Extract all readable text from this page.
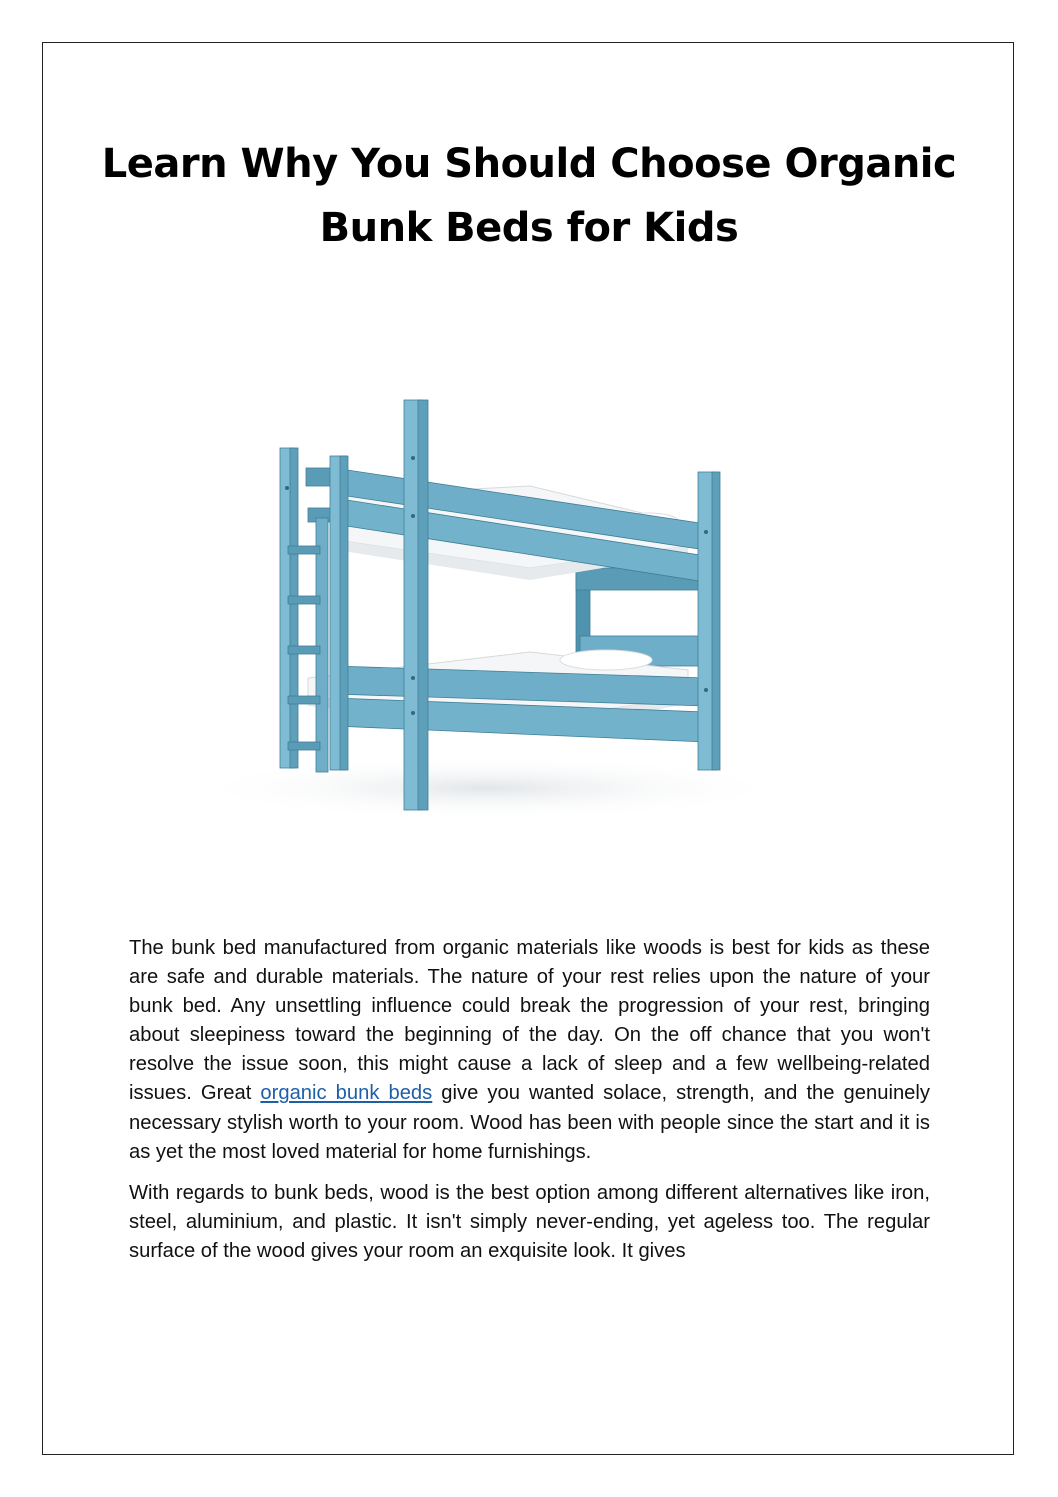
Learn Why You Should Choose Organic Bunk Beds for Kids

The bunk bed manufactured from organic materials like woods is best for kids as these are safe and durable materials. The nature of your rest relies upon the nature of your bunk bed. Any unsettling influence could break the progression of your rest, bringing about sleepiness toward the beginning of the day. On the off chance that you won't resolve the issue soon, this might cause a lack of sleep and a few wellbeing-related issues. Great organic bunk beds give you wanted solace, strength, and the genuinely necessary stylish worth to your room. Wood has been with people since the start and it is as yet the most loved material for home furnishings.

With regards to bunk beds, wood is the best option among different alternatives like iron, steel, aluminium, and plastic. It isn't simply never-ending, yet ageless too. The regular surface of the wood gives your room an exquisite look. It gives
